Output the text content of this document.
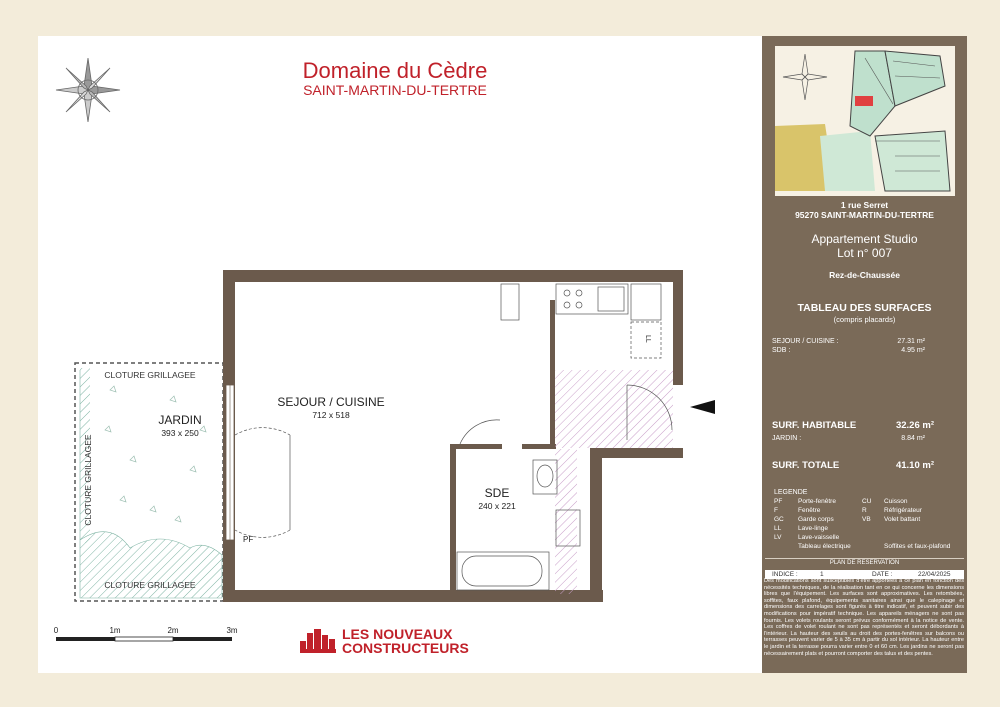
Domaine du Cèdre
SAINT-MARTIN-DU-TERTRE
CLOTURE GRILLAGEE
CLOTURE GRILLAGEE
CLOTURE GRILLAGEE
JARDIN
393 x 250
SEJOUR / CUISINE
712 x 518
SDE
240 x 221
PF
LL
0	1m	2m	3m	LES NOUVEAUX
CONSTRUCTEURS
1 rue Serret
95270 SAINT-MARTIN-DU-TERTRE
Appartement Studio
Lot n° 007
Rez-de-Chaussée
TABLEAU DES SURFACES
(compris placards)
SEJOUR / CUISINE :	27.31 m²
SDB :	4.95 m²
SURF. HABITABLE	32.26 m²
JARDIN :	8.84 m²
SURF. TOTALE	41.10 m²
LEGENDE
PF Porte-fenêtre	CU Cuisson
F	Fenêtre	R	Réfrigérateur
GC Garde corps	VB Volet battant
LL	Lave-linge
LV	Lave-vaisselle
Tableau électrique	Soffites et faux-plafond
PLAN DE RESERVATION
INDICE :	1	DATE :	22/04/2025
Des modifications sont susceptibles d'être apportées à ce plan en fonction des nécessités techniques, de la réalisation tant en ce qui concerne les dimensions libres que l'équipement. Les surfaces sont approximatives. Les retombées, soffites, faux plafond, équipements sanitaires ainsi que le calepinage et dimensions des carrelages sont figurés à titre indicatif, et peuvent subir des modifications pour impératif technique. Les appareils ménagers ne sont pas fournis. Les volets roulants seront prévus conformément à la notice de vente. Les coffres de volet roulant ne sont pas représentés et seront débordants à l'intérieur. La hauteur des seuils au droit des portes-fenêtres sur balcons ou terrasses peuvent varier de 5 à 35 cm à partir du sol intérieur. La hauteur entre le jardin et la terrasse pourra varier entre 0 et 60 cm. Les jardins ne seront pas nécessairement plats et pourront comporter des talus et des pentes.
